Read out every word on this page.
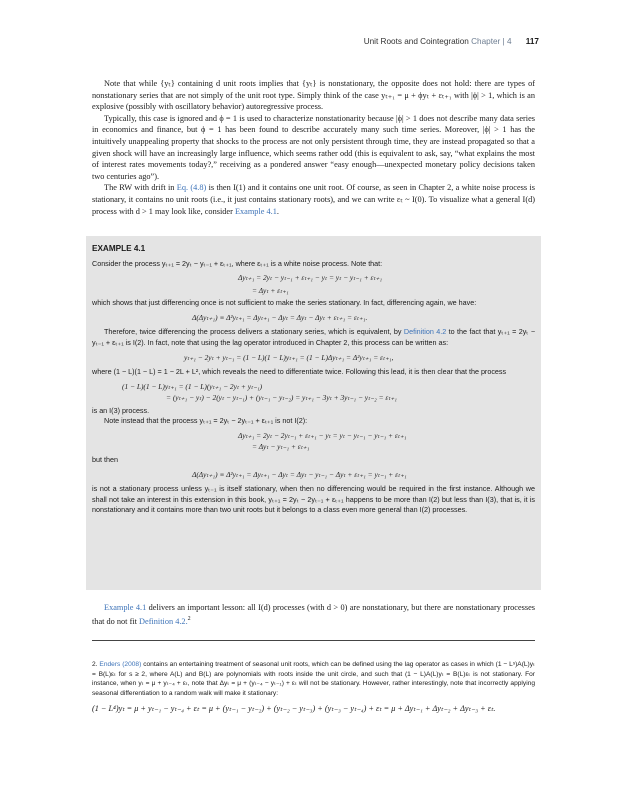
Unit Roots and Cointegration Chapter | 4 117

Note that while {yₜ} containing d unit roots implies that {yₜ} is nonstationary, the opposite does not hold: there are types of nonstationary series that are not simply of the unit root type. Simply think of the case yₜ₊₁ = μ + ϕyₜ + εₜ₊₁ with |ϕ| > 1, which is an explosive (possibly with oscillatory behavior) autoregressive process.

Typically, this case is ignored and ϕ = 1 is used to characterize nonstationarity because |ϕ| > 1 does not describe many data series in economics and finance, but ϕ = 1 has been found to describe accurately many such time series. Moreover, |ϕ| > 1 has the intuitively unappealing property that shocks to the process are not only persistent through time, they are instead propagated so that a given shock will have an increasingly large influence, which seems rather odd (this is equivalent to ask, say, “what explains the most of interest rates movements today?,” receiving as a pondered answer “easy enough—unexpected monetary policy decisions taken two centuries ago”).

The RW with drift in Eq. (4.8) is then I(1) and it contains one unit root. Of course, as seen in Chapter 2, a white noise process is stationary, it contains no unit roots (i.e., it just contains stationary roots), and we can write εₜ ~ I(0). To visualize what a general I(d) process with d > 1 may look like, consider Example 4.1.

EXAMPLE 4.1

Consider the process yₜ₊₁ = 2yₜ − yₜ₋₁ + εₜ₊₁, where εₜ₊₁ is a white noise process. Note that:

Δyₜ₊₁ = 2yₜ − yₜ₋₁ + εₜ₊₁ − yₜ = yₜ − yₜ₋₁ + εₜ₊₁
= Δyₜ + εₜ₊₁

which shows that just differencing once is not sufficient to make the series stationary. In fact, differencing again, we have:

Δ(Δyₜ₊₁) ≡ Δ²yₜ₊₁ = Δyₜ₊₁ − Δyₜ = Δyₜ − Δyₜ + εₜ₊₁ = εₜ₊₁.

Therefore, twice differencing the process delivers a stationary series, which is equivalent, by Definition 4.2 to the fact that yₜ₊₁ = 2yₜ − yₜ₋₁ + εₜ₊₁ is I(2). In fact, note that using the lag operator introduced in Chapter 2, this process can be written as:

yₜ₊₁ − 2yₜ + yₜ₋₁ = (1 − L)(1 − L)yₜ₊₁ = (1 − L)Δyₜ₊₁ = Δ²yₜ₊₁ = εₜ₊₁,

where (1 − L)(1 − L) = 1 − 2L + L², which reveals the need to differentiate twice. Following this lead, it is then clear that the process

(1 − L)(1 − L)yₜ₊₁ = (1 − L)(yₜ₊₁ − 2yₜ + yₜ₋₁)
= (yₜ₊₁ − yₜ) − 2(yₜ − yₜ₋₁) + (yₜ₋₁ − yₜ₋₂) = yₜ₊₁ − 3yₜ + 3yₜ₋₁ − yₜ₋₂ = εₜ₊₁

is an I(3) process.

Note instead that the process yₜ₊₁ = 2yₜ − 2yₜ₋₁ + εₜ₊₁ is not I(2):

Δyₜ₊₁ = 2yₜ − 2yₜ₋₁ + εₜ₊₁ − yₜ = yₜ − yₜ₋₁ − yₜ₋₁ + εₜ₊₁
= Δyₜ − yₜ₋₁ + εₜ₊₁

but then

Δ(Δyₜ₊₁) ≡ Δ²yₜ₊₁ = Δyₜ₊₁ − Δyₜ = Δyₜ − yₜ₋₁ − Δyₜ + εₜ₊₁ = yₜ₋₁ + εₜ₊₁

is not a stationary process unless yₜ₋₁ is itself stationary, when then no differencing would be required in the first instance. Although we shall not take an interest in this extension in this book, yₜ₊₁ = 2yₜ − 2yₜ₋₁ + εₜ₊₁ happens to be more than I(2) but less than I(3), that is, it is nonstationary and it contains more than two unit roots but it belongs to a class even more general than I(2) processes.

Example 4.1 delivers an important lesson: all I(d) processes (with d > 0) are nonstationary, but there are nonstationary processes that do not fit Definition 4.2.$^2$

2. Enders (2008) contains an entertaining treatment of seasonal unit roots, which can be defined using the lag operator as cases in which (1 − Lˢ)A(L)yₜ = B(L)εₜ for s ≥ 2, where A(L) and B(L) are polynomials with roots inside the unit circle, and such that (1 − L)A(L)yₜ = B(L)εₜ is not stationary. For instance, when yₜ = μ + yₜ₋₄ + εₜ, note that Δyₜ = μ + (yₜ₋₄ − yₜ₋₁) + εₜ will not be stationary. However, rather interestingly, note that incorrectly applying seasonal differentiation to a random walk will make it stationary:

(1 − L⁴)yₜ = μ + yₜ₋₁ − yₜ₋₄ + εₜ = μ + (yₜ₋₁ − yₜ₋₂) + (yₜ₋₂ − yₜ₋₃) + (yₜ₋₃ − yₜ₋₄) + εₜ = μ + Δyₜ₋₁ + Δyₜ₋₂ + Δyₜ₋₃ + εₜ.
